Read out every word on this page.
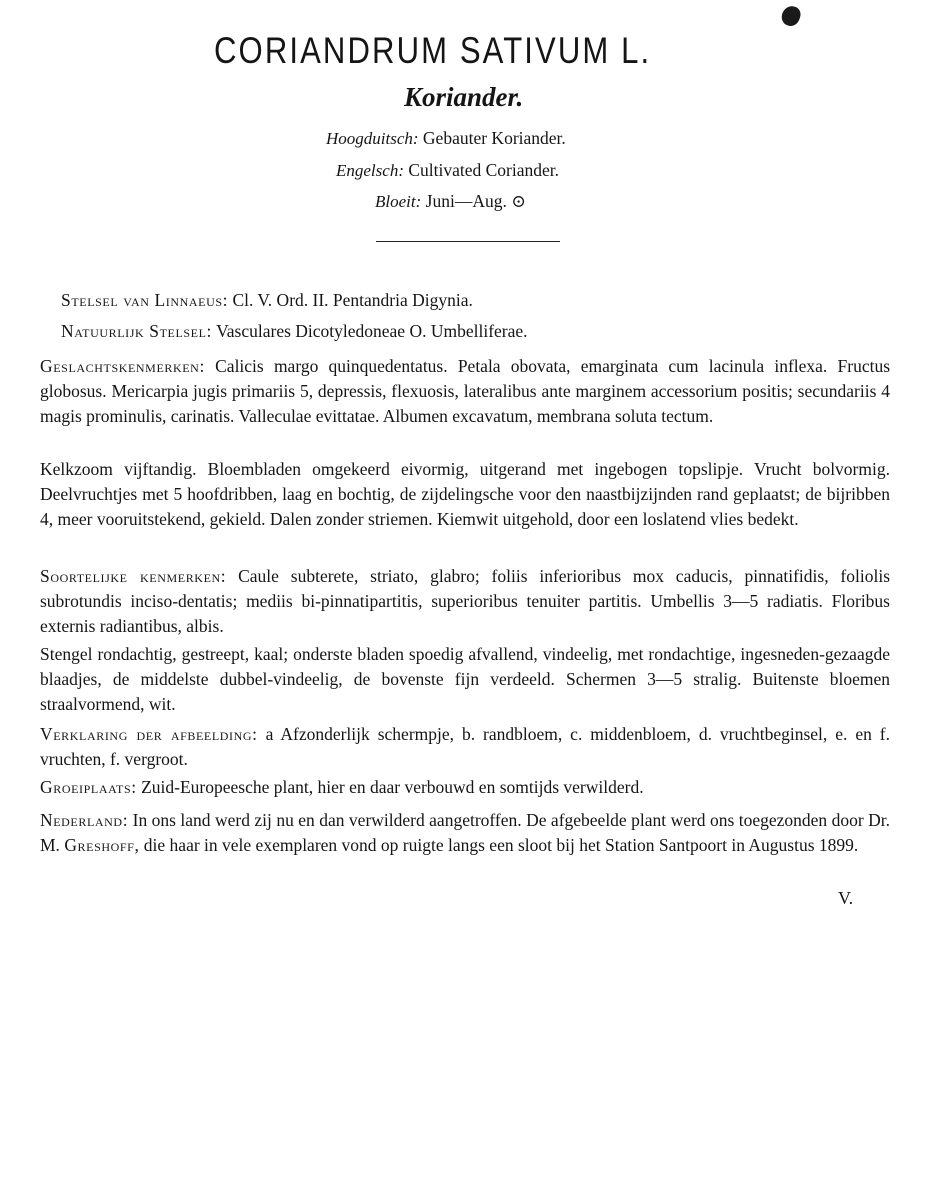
CORIANDRUM SATIVUM L.
Koriander.
Hoogduitsch: Gebauter Koriander.
Engelsch: Cultivated Coriander.
Bloeit: Juni—Aug. ⊙

Stelsel van Linnaeus: Cl. V. Ord. II. Pentandria Digynia.

Natuurlijk Stelsel: Vasculares Dicotyledoneae O. Umbelliferae.

Geslachtskenmerken: Calicis margo quinquedentatus. Petala obovata, emarginata cum lacinula inflexa. Fructus globosus. Mericarpia jugis primariis 5, depressis, flexuosis, lateralibus ante marginem accessorium positis; secundariis 4 magis prominulis, carinatis. Valleculae evittatae. Albumen excavatum, membrana soluta tectum.

Kelkzoom vijftandig. Bloembladen omgekeerd eivormig, uitgerand met ingebogen topslipje. Vrucht bolvormig. Deelvruchtjes met 5 hoofdribben, laag en bochtig, de zijdelingsche voor den naastbijzijnden rand geplaatst; de bijribben 4, meer vooruitstekend, gekield. Dalen zonder striemen. Kiemwit uitgehold, door een loslatend vlies bedekt.

Soortelijke kenmerken: Caule subterete, striato, glabro; foliis inferioribus mox caducis, pinnatifidis, foliolis subrotundis inciso-dentatis; mediis bi-pinnatipartitis, superioribus tenuiter partitis. Umbellis 3—5 radiatis. Floribus externis radiantibus, albis.

Stengel rondachtig, gestreept, kaal; onderste bladen spoedig afvallend, vindeelig, met rondachtige, ingesneden-gezaagde blaadjes, de middelste dubbel-vindeelig, de bovenste fijn verdeeld. Schermen 3—5 stralig. Buitenste bloemen straalvormend, wit.

Verklaring der afbeelding: a Afzonderlijk schermpje, b. randbloem, c. middenbloem, d. vruchtbeginsel, e. en f. vruchten, f. vergroot.

Groeiplaats: Zuid-Europeesche plant, hier en daar verbouwd en somtijds verwilderd.

Nederland: In ons land werd zij nu en dan verwilderd aangetroffen. De afgebeelde plant werd ons toegezonden door Dr. M. Greshoff, die haar in vele exemplaren vond op ruigte langs een sloot bij het Station Santpoort in Augustus 1899.

V.
